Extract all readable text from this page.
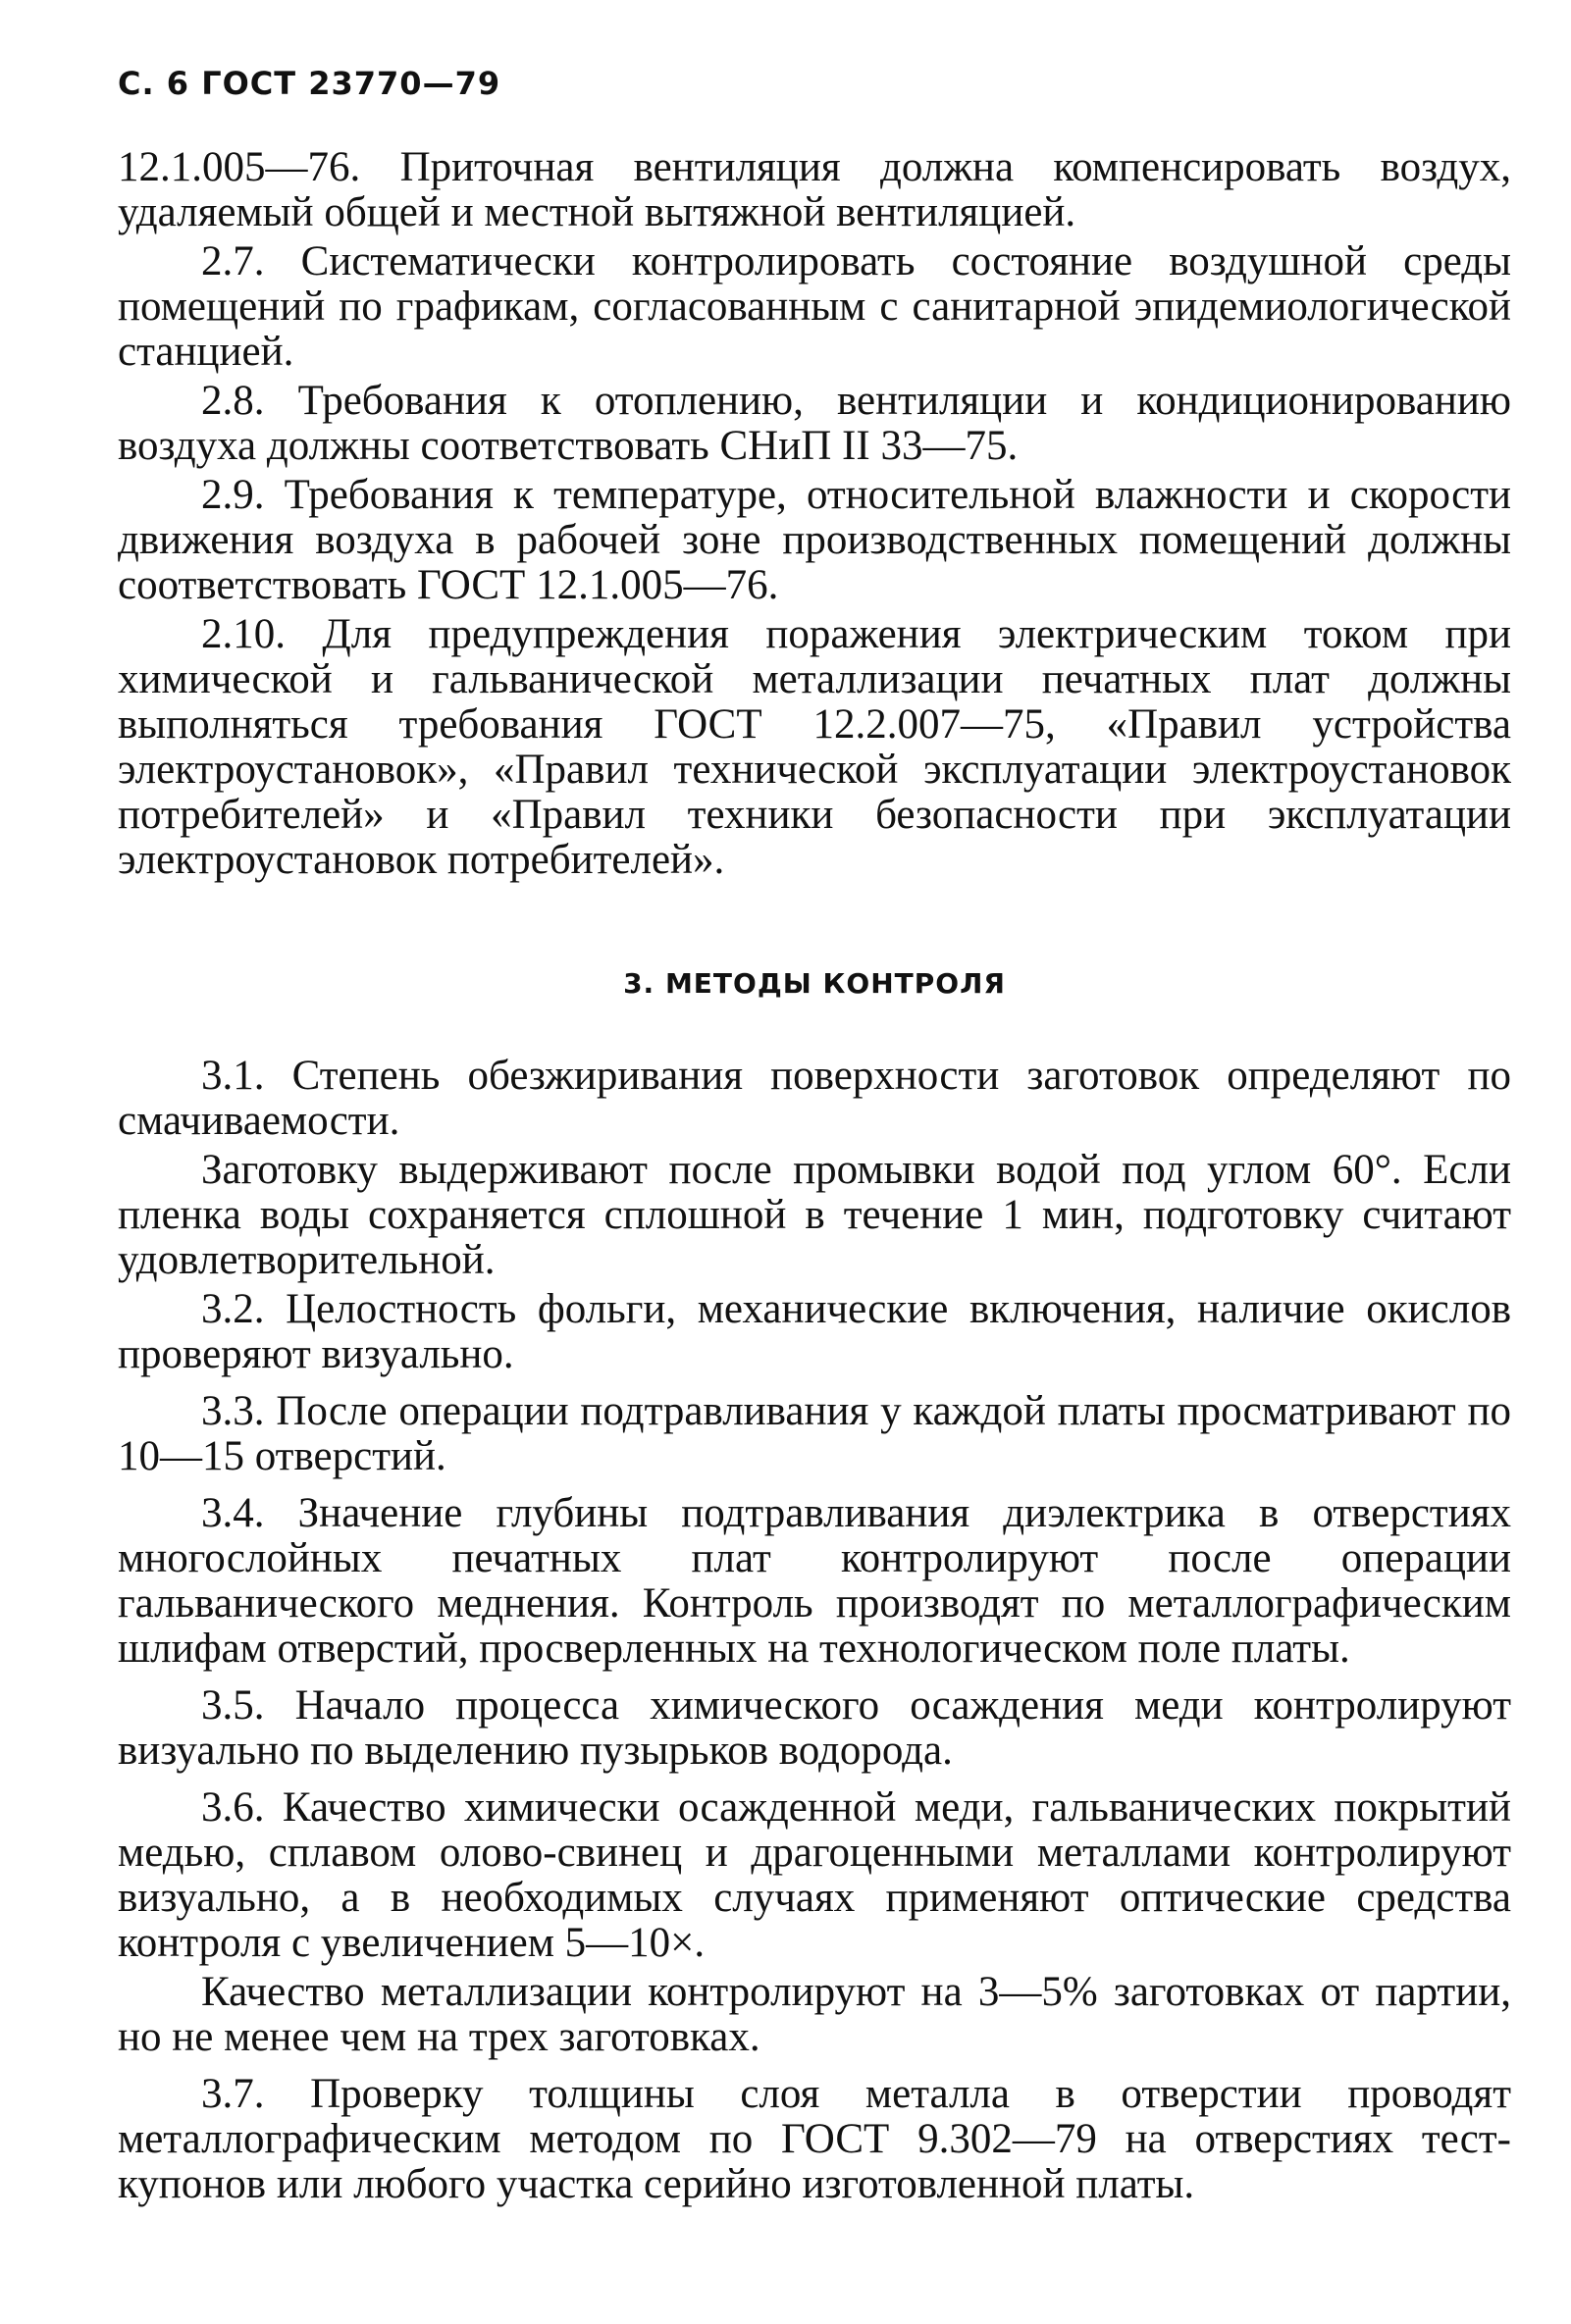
С. 6 ГОСТ 23770—79

12.1.005—76. Приточная вентиляция должна компенсировать воздух, удаляемый общей и местной вытяжной вентиляцией.

2.7. Систематически контролировать состояние воздушной среды помещений по графикам, согласованным с санитарной эпидемиологической станцией.

2.8. Требования к отоплению, вентиляции и кондиционированию воздуха должны соответствовать СНиП II 33—75.

2.9. Требования к температуре, относительной влажности и скорости движения воздуха в рабочей зоне производственных помещений должны соответствовать ГОСТ 12.1.005—76.

2.10. Для предупреждения поражения электрическим током при химической и гальванической металлизации печатных плат должны выполняться требования ГОСТ 12.2.007—75, «Правил устройства электроустановок», «Правил технической эксплуатации электроустановок потребителей» и «Правил техники безопасности при эксплуатации электроустановок потребителей».

3. МЕТОДЫ КОНТРОЛЯ

3.1. Степень обезжиривания поверхности заготовок определяют по смачиваемости.

Заготовку выдерживают после промывки водой под углом 60°. Если пленка воды сохраняется сплошной в течение 1 мин, подготовку считают удовлетворительной.

3.2. Целостность фольги, механические включения, наличие окислов проверяют визуально.

3.3. После операции подтравливания у каждой платы просматривают по 10—15 отверстий.

3.4. Значение глубины подтравливания диэлектрика в отверстиях многослойных печатных плат контролируют после операции гальванического меднения. Контроль производят по металлографическим шлифам отверстий, просверленных на технологическом поле платы.

3.5. Начало процесса химического осаждения меди контролируют визуально по выделению пузырьков водорода.

3.6. Качество химически осажденной меди, гальванических покрытий медью, сплавом олово-свинец и драгоценными металлами контролируют визуально, а в необходимых случаях применяют оптические средства контроля с увеличением 5—10×.

Качество металлизации контролируют на 3—5% заготовках от партии, но не менее чем на трех заготовках.

3.7. Проверку толщины слоя металла в отверстии проводят металлографическим методом по ГОСТ 9.302—79 на отверстиях тест-купонов или любого участка серийно изготовленной платы.
